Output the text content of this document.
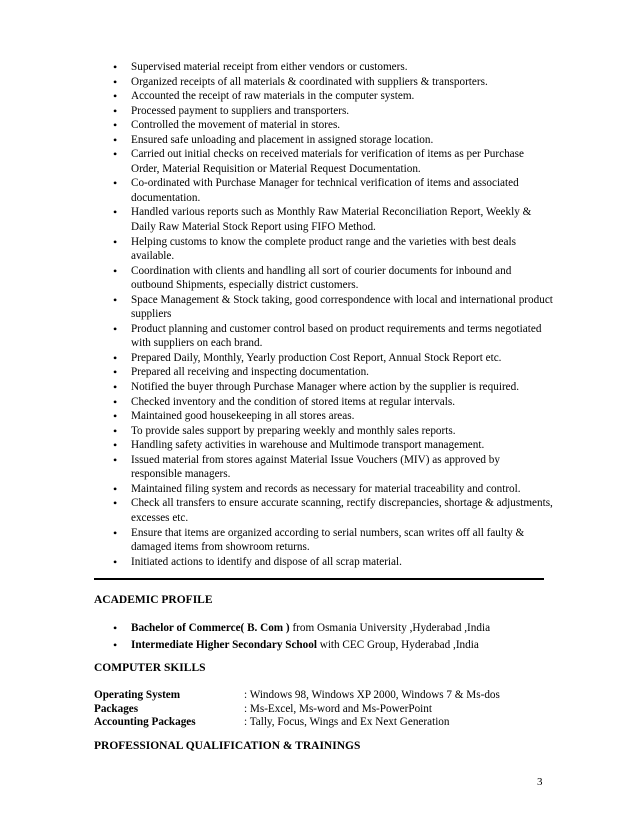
• Supervised material receipt from either vendors or customers.
• Organized receipts of all materials & coordinated with suppliers & transporters.
• Accounted the receipt of raw materials in the computer system.
• Processed payment to suppliers and transporters.
• Controlled the movement of material in stores.
• Ensured safe unloading and placement in assigned storage location.
• Carried out initial checks on received materials for verification of items as per Purchase Order, Material Requisition or Material Request Documentation.
• Co-ordinated with Purchase Manager for technical verification of items and associated documentation.
• Handled various reports such as Monthly Raw Material Reconciliation Report, Weekly & Daily Raw Material Stock Report using FIFO Method.
• Helping customs to know the complete product range and the varieties with best deals available.
• Coordination with clients and handling all sort of courier documents for inbound and outbound Shipments, especially district customers.
• Space Management & Stock taking, good correspondence with local and international product suppliers
• Product planning and customer control based on product requirements and terms negotiated with suppliers on each brand.
• Prepared Daily, Monthly, Yearly production Cost Report, Annual Stock Report etc.
• Prepared all receiving and inspecting documentation.
• Notified the buyer through Purchase Manager where action by the supplier is required.
• Checked inventory and the condition of stored items at regular intervals.
• Maintained good housekeeping in all stores areas.
• To provide sales support by preparing weekly and monthly sales reports.
• Handling safety activities in warehouse and Multimode transport management.
• Issued material from stores against Material Issue Vouchers (MIV) as approved by responsible managers.
• Maintained filing system and records as necessary for material traceability and control.
• Check all transfers to ensure accurate scanning, rectify discrepancies, shortage & adjustments, excesses etc.
• Ensure that items are organized according to serial numbers, scan writes off all faulty & damaged items from showroom returns.
• Initiated actions to identify and dispose of all scrap material.
ACADEMIC PROFILE
• Bachelor of Commerce( B. Com ) from Osmania University ,Hyderabad ,India
• Intermediate Higher Secondary School with CEC Group, Hyderabad ,India
COMPUTER SKILLS
Operating System	: Windows 98, Windows XP 2000, Windows 7 & Ms-dos
Packages	: Ms-Excel, Ms-word and Ms-PowerPoint
Accounting Packages	: Tally, Focus, Wings and Ex Next Generation
PROFESSIONAL QUALIFICATION & TRAININGS
3
